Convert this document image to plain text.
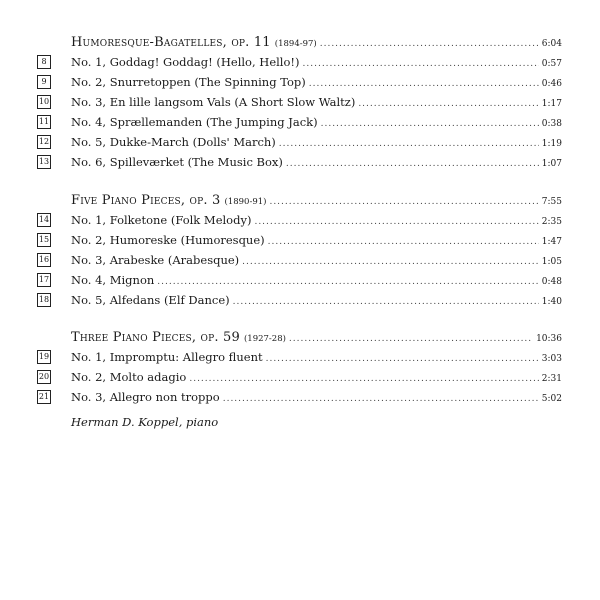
Humoresque-Bagatelles, op. 11 (1894-97) .....	6:04
8	No. 1, Goddag! Goddag! (Hello, Hello!) .....	0:57
9	No. 2, Snurretoppen (The Spinning Top) .....	0:46
10 No. 3, En lille langsom Vals (A Short Slow Waltz) .....	1:17
11 No. 4, Sprællemanden (The Jumping Jack) .....	0:38
12 No. 5, Dukke-March (Dolls' March) .....	1:19
13 No. 6, Spilleværket (The Music Box) .....	1:07
Five Piano Pieces, op. 3 (1890-91) .....	7:55
14 No. 1, Folketone (Folk Melody) .....	2:35
15 No. 2, Humoreske (Humoresque) .....	1:47
16 No. 3, Arabeske (Arabesque) .....	1:05
17 No. 4, Mignon .....	0:48
18 No. 5, Alfedans (Elf Dance) .....	1:40
Three Piano Pieces, op. 59 (1927-28) .....	10:36
19 No. 1, Impromptu: Allegro fluent .....	3:03
20 No. 2, Molto adagio .....	2:31
21 No. 3, Allegro non troppo .....	5:02
Herman D. Koppel, piano
